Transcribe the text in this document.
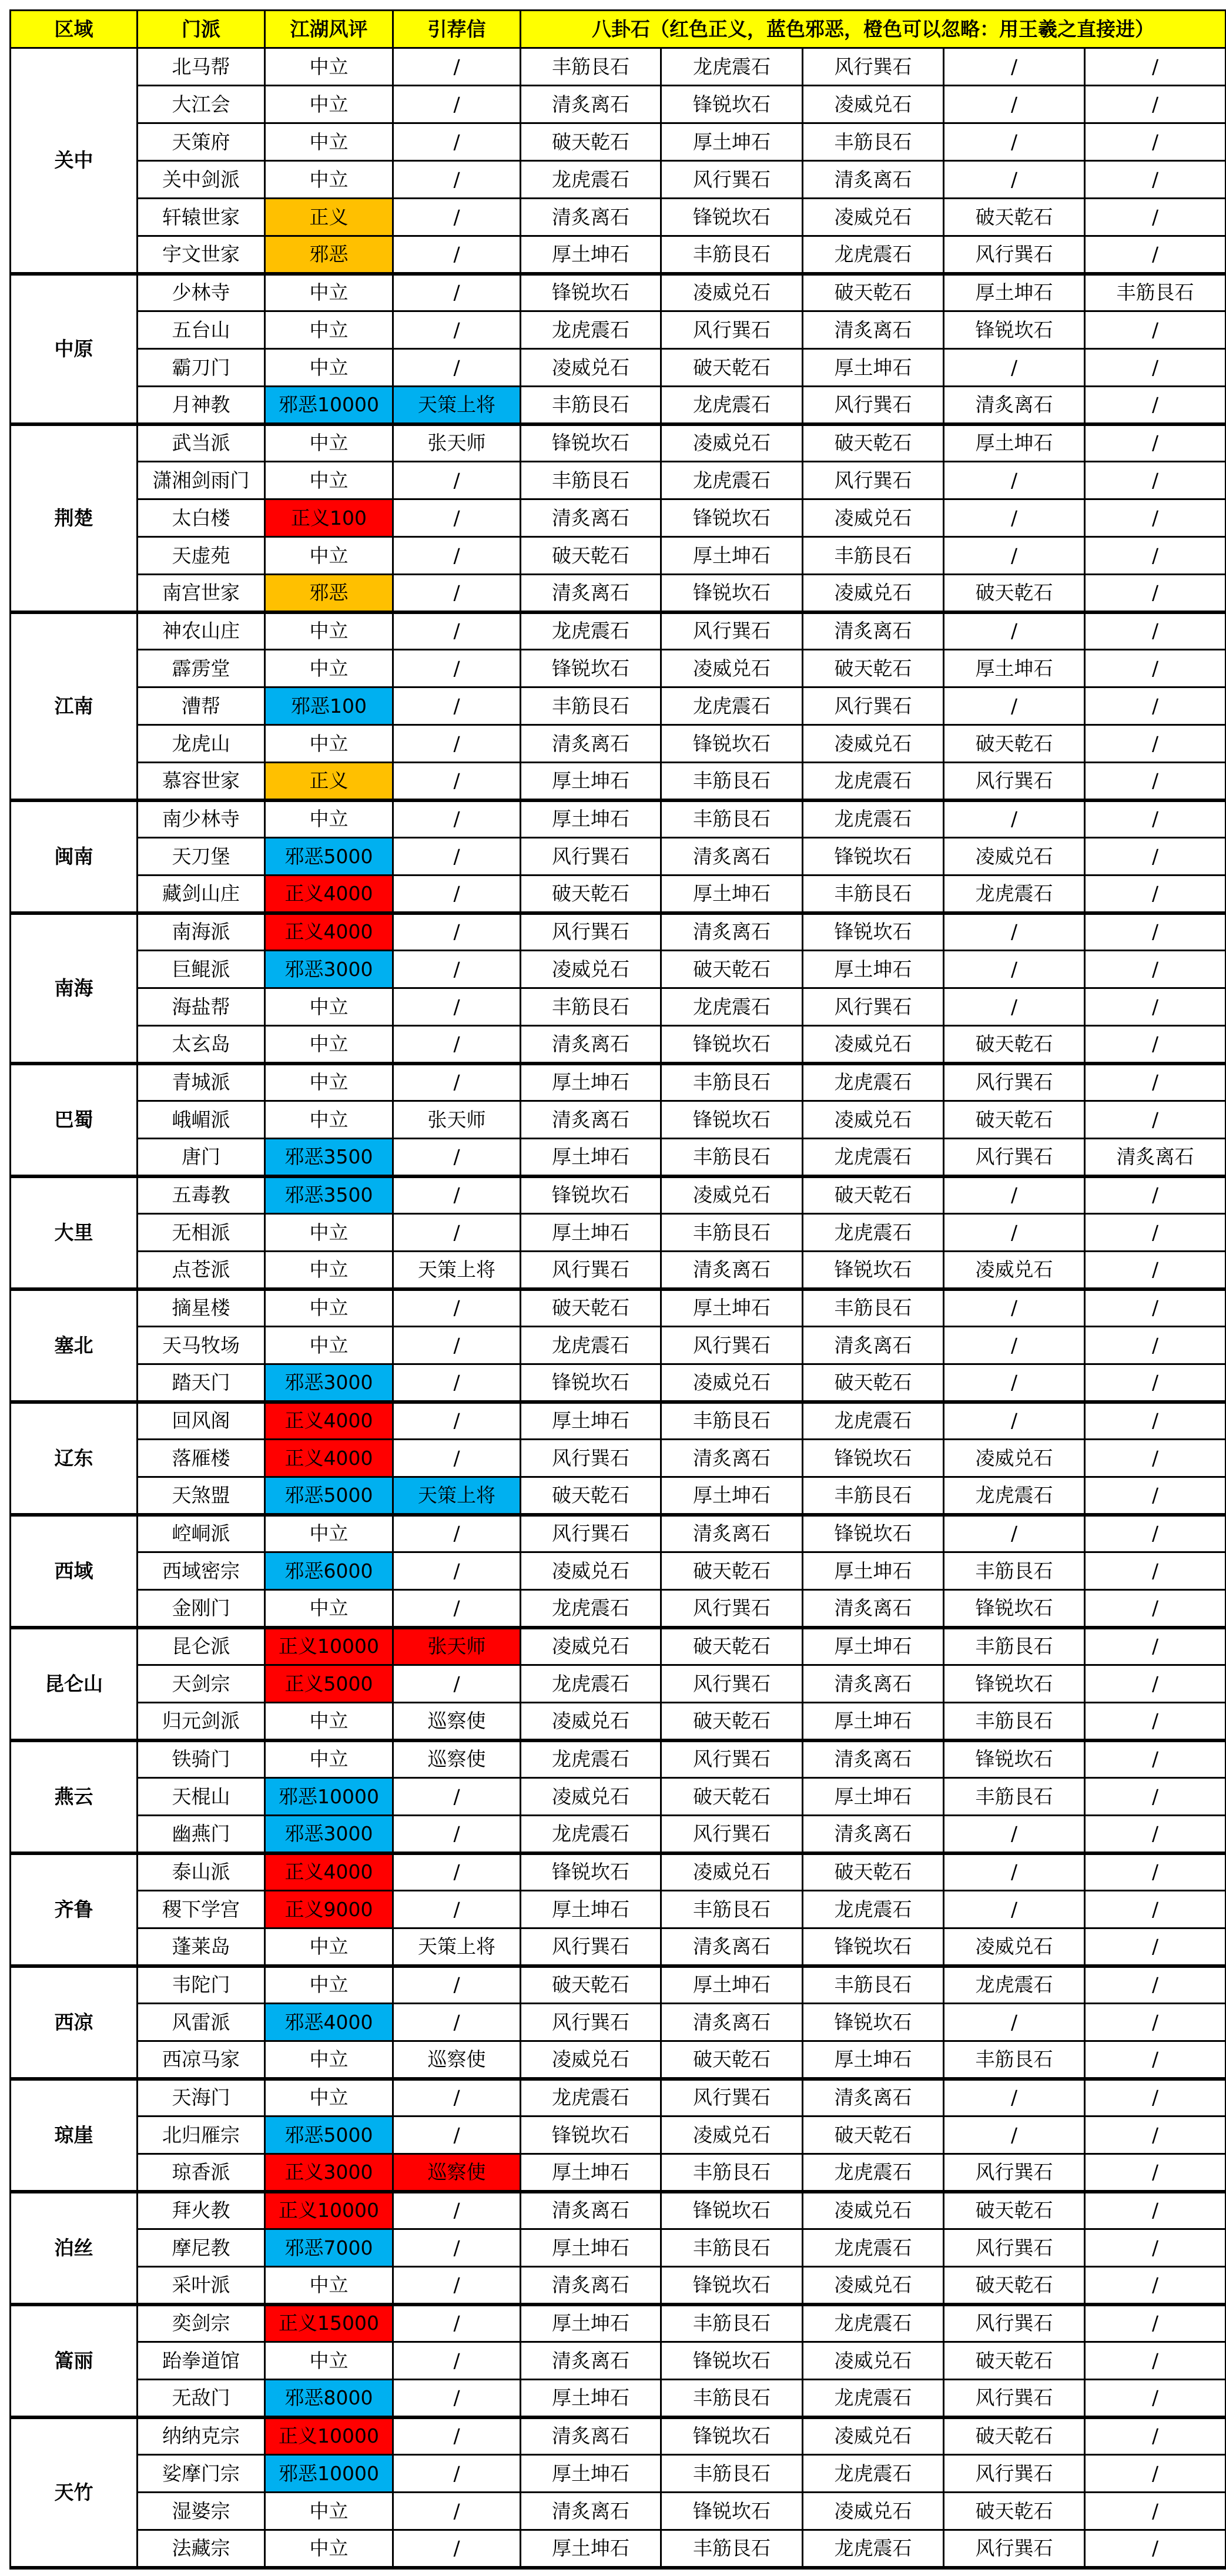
区域	门派	江湖风评	引荐信	八卦石（红色正义，蓝色邪恶，橙色可以忽略：用王羲之直接进）				
关中	北马帮	中立	/	丰筋艮石	龙虎震石	风行巽石	/	/
	大江会	中立	/	清炙离石	锋锐坎石	凌威兑石	/	/
	天策府	中立	/	破天乾石	厚土坤石	丰筋艮石	/	/
	关中剑派	中立	/	龙虎震石	风行巽石	清炙离石	/	/
	轩辕世家	正义	/	清炙离石	锋锐坎石	凌威兑石	破天乾石	/
	宇文世家	邪恶	/	厚土坤石	丰筋艮石	龙虎震石	风行巽石	/
中原	少林寺	中立	/	锋锐坎石	凌威兑石	破天乾石	厚土坤石	丰筋艮石
	五台山	中立	/	龙虎震石	风行巽石	清炙离石	锋锐坎石	/
	霸刀门	中立	/	凌威兑石	破天乾石	厚土坤石	/	/
	月神教	邪恶10000	天策上将	丰筋艮石	龙虎震石	风行巽石	清炙离石	/
荆楚	武当派	中立	张天师	锋锐坎石	凌威兑石	破天乾石	厚土坤石	/
	潇湘剑雨门	中立	/	丰筋艮石	龙虎震石	风行巽石	/	/
	太白楼	正义100	/	清炙离石	锋锐坎石	凌威兑石	/	/
	天虚苑	中立	/	破天乾石	厚土坤石	丰筋艮石	/	/
	南宫世家	邪恶	/	清炙离石	锋锐坎石	凌威兑石	破天乾石	/
江南	神农山庄	中立	/	龙虎震石	风行巽石	清炙离石	/	/
	霹雳堂	中立	/	锋锐坎石	凌威兑石	破天乾石	厚土坤石	/
	漕帮	邪恶100	/	丰筋艮石	龙虎震石	风行巽石	/	/
	龙虎山	中立	/	清炙离石	锋锐坎石	凌威兑石	破天乾石	/
	慕容世家	正义	/	厚土坤石	丰筋艮石	龙虎震石	风行巽石	/
闽南	南少林寺	中立	/	厚土坤石	丰筋艮石	龙虎震石	/	/
	天刀堡	邪恶5000	/	风行巽石	清炙离石	锋锐坎石	凌威兑石	/
	藏剑山庄	正义4000	/	破天乾石	厚土坤石	丰筋艮石	龙虎震石	/
南海	南海派	正义4000	/	风行巽石	清炙离石	锋锐坎石	/	/
	巨鲲派	邪恶3000	/	凌威兑石	破天乾石	厚土坤石	/	/
	海盐帮	中立	/	丰筋艮石	龙虎震石	风行巽石	/	/
	太玄岛	中立	/	清炙离石	锋锐坎石	凌威兑石	破天乾石	/
巴蜀	青城派	中立	/	厚土坤石	丰筋艮石	龙虎震石	风行巽石	/
	峨嵋派	中立	张天师	清炙离石	锋锐坎石	凌威兑石	破天乾石	/
	唐门	邪恶3500	/	厚土坤石	丰筋艮石	龙虎震石	风行巽石	清炙离石
大里	五毒教	邪恶3500	/	锋锐坎石	凌威兑石	破天乾石	/	/
	无相派	中立	/	厚土坤石	丰筋艮石	龙虎震石	/	/
	点苍派	中立	天策上将	风行巽石	清炙离石	锋锐坎石	凌威兑石	/
塞北	摘星楼	中立	/	破天乾石	厚土坤石	丰筋艮石	/	/
	天马牧场	中立	/	龙虎震石	风行巽石	清炙离石	/	/
	踏天门	邪恶3000	/	锋锐坎石	凌威兑石	破天乾石	/	/
辽东	回风阁	正义4000	/	厚土坤石	丰筋艮石	龙虎震石	/	/
	落雁楼	正义4000	/	风行巽石	清炙离石	锋锐坎石	凌威兑石	/
	天煞盟	邪恶5000	天策上将	破天乾石	厚土坤石	丰筋艮石	龙虎震石	/
西域	崆峒派	中立	/	风行巽石	清炙离石	锋锐坎石	/	/
	西域密宗	邪恶6000	/	凌威兑石	破天乾石	厚土坤石	丰筋艮石	/
	金刚门	中立	/	龙虎震石	风行巽石	清炙离石	锋锐坎石	/
昆仑山	昆仑派	正义10000	张天师	凌威兑石	破天乾石	厚土坤石	丰筋艮石	/
	天剑宗	正义5000	/	龙虎震石	风行巽石	清炙离石	锋锐坎石	/
	归元剑派	中立	巡察使	凌威兑石	破天乾石	厚土坤石	丰筋艮石	/
燕云	铁骑门	中立	巡察使	龙虎震石	风行巽石	清炙离石	锋锐坎石	/
	天棍山	邪恶10000	/	凌威兑石	破天乾石	厚土坤石	丰筋艮石	/
	幽燕门	邪恶3000	/	龙虎震石	风行巽石	清炙离石	/	/
齐鲁	泰山派	正义4000	/	锋锐坎石	凌威兑石	破天乾石	/	/
	稷下学宫	正义9000	/	厚土坤石	丰筋艮石	龙虎震石	/	/
	蓬莱岛	中立	天策上将	风行巽石	清炙离石	锋锐坎石	凌威兑石	/
西凉	韦陀门	中立	/	破天乾石	厚土坤石	丰筋艮石	龙虎震石	/
	风雷派	邪恶4000	/	风行巽石	清炙离石	锋锐坎石	/	/
	西凉马家	中立	巡察使	凌威兑石	破天乾石	厚土坤石	丰筋艮石	/
琼崖	天海门	中立	/	龙虎震石	风行巽石	清炙离石	/	/
	北归雁宗	邪恶5000	/	锋锐坎石	凌威兑石	破天乾石	/	/
	琼香派	正义3000	巡察使	厚土坤石	丰筋艮石	龙虎震石	风行巽石	/
泊丝	拜火教	正义10000	/	清炙离石	锋锐坎石	凌威兑石	破天乾石	/
	摩尼教	邪恶7000	/	厚土坤石	丰筋艮石	龙虎震石	风行巽石	/
	采叶派	中立	/	清炙离石	锋锐坎石	凌威兑石	破天乾石	/
篙丽	奕剑宗	正义15000	/	厚土坤石	丰筋艮石	龙虎震石	风行巽石	/
	跆拳道馆	中立	/	清炙离石	锋锐坎石	凌威兑石	破天乾石	/
	无敌门	邪恶8000	/	厚土坤石	丰筋艮石	龙虎震石	风行巽石	/
天竹	纳纳克宗	正义10000	/	清炙离石	锋锐坎石	凌威兑石	破天乾石	/
	娑摩门宗	邪恶10000	/	厚土坤石	丰筋艮石	龙虎震石	风行巽石	/
	湿婆宗	中立	/	清炙离石	锋锐坎石	凌威兑石	破天乾石	/
	法藏宗	中立	/	厚土坤石	丰筋艮石	龙虎震石	风行巽石	/
